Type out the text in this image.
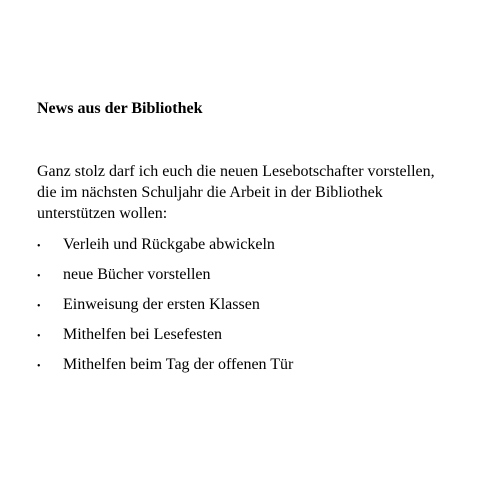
News aus der Bibliothek
Ganz stolz darf ich euch die neuen Lesebotschafter vorstellen,
die im nächsten Schuljahr die Arbeit in der Bibliothek
unterstützen wollen:
•	Verleih und Rückgabe abwickeln
•	neue Bücher vorstellen
•	Einweisung der ersten Klassen
•	Mithelfen bei Lesefesten
•	Mithelfen beim Tag der offenen Tür
